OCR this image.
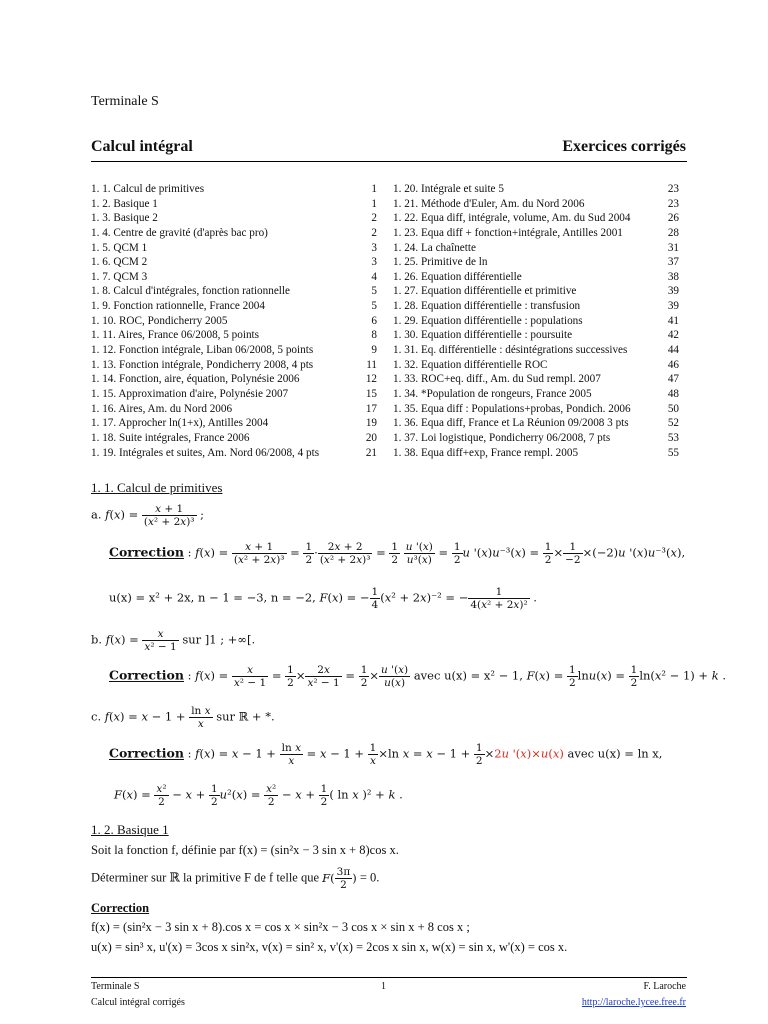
Terminale S
Calcul intégral	Exercices corrigés
1. 1. Calcul de primitives	1
1. 2. Basique 1	1
1. 3. Basique 2	2
1. 4. Centre de gravité (d'après bac pro)	2
1. 5. QCM 1	3
1. 6. QCM 2	3
1. 7. QCM 3	4
1. 8. Calcul d'intégrales, fonction rationnelle	5
1. 9. Fonction rationnelle, France 2004	5
1. 10. ROC, Pondicherry 2005	6
1. 11. Aires, France 06/2008, 5 points	8
1. 12. Fonction intégrale, Liban 06/2008, 5 points	9
1. 13. Fonction intégrale, Pondicherry 2008, 4 pts	11
1. 14. Fonction, aire, équation, Polynésie 2006	12
1. 15. Approximation d'aire, Polynésie 2007	15
1. 16. Aires, Am. du Nord 2006	17
1. 17. Approcher ln(1+x), Antilles 2004	19
1. 18. Suite intégrales, France 2006	20
1. 19. Intégrales et suites, Am. Nord 06/2008, 4 pts	21
1. 20. Intégrale et suite 5	23
1. 21. Méthode d'Euler, Am. du Nord 2006	23
1. 22. Equa diff, intégrale, volume, Am. du Sud 2004	26
1. 23. Equa diff + fonction+intégrale, Antilles 2001	28
1. 24. La chaînette	31
1. 25. Primitive de ln	37
1. 26. Equation différentielle	38
1. 27. Equation différentielle et primitive	39
1. 28. Equation différentielle : transfusion	39
1. 29. Equation différentielle : populations	41
1. 30. Equation différentielle : poursuite	42
1. 31. Eq. différentielle : désintégrations successives	44
1. 32. Equation différentielle ROC	46
1. 33. ROC+eq. diff., Am. du Sud rempl. 2007	47
1. 34. *Population de rongeurs, France 2005	48
1. 35. Equa diff : Populations+probas, Pondich. 2006	50
1. 36. Equa diff, France et La Réunion 09/2008 3 pts	52
1. 37. Loi logistique, Pondicherry 06/2008, 7 pts	53
1. 38. Equa diff+exp, France rempl. 2005	55
1. 1. Calcul de primitives
a. $f(x) = \frac{x + 1}{\text{(x² + 2x)³}}$ ;
Correction : $f(x) = \frac{x + 1}{\text{(x² + 2x)³}} = \frac{1}{2} \cdot \frac{2x + 2}{\text{(x² + 2x)³}} = \frac{1}{2}$
$\frac{u '(x)}{\text{u³(x)}} = \frac{1}{2}$ u '$(x)u^{-3}(x) = \frac{1}{2} \times \frac{1}{-2} \times(-2)u$ '(x)u⁻³(x),
u(x) = x² + 2x, n − 1 = −3, n = −2, F(x) = − $\frac{1}{4} (x^2 + 2x)^{-2}$ = − $\frac{1}{\text{4(x² + 2x)²}}$ .
b. $f(x) = \frac{x}{\text{x² − 1}}$ sur ]1 ; +∞[.
Correction : $f(x) = \frac{x}{\text{x² − 1}} = \frac{1}{2} \times \frac{2x}{\text{x² − 1}} = \frac{1}{2} \times \frac{u '(x)}{u(x)}$ avec u(x) = x² − 1, $F(x) = \frac{1}{2} \ln u(x) = \frac{1}{2} \ln(x^2 - 1) + k$ .
c. $f(x) = x - 1 + \frac{\text{ln x}}{x}$ sur ℝ + *.
Correction : $f(x) = x - 1 + \frac{\text{ln x}}{x} = x - 1 + \frac{1}{x} \times\ln$ $x = x - 1 + \frac{1}{2} \times 2u$ '(x)×u(x) avec u(x) = ln x,
$F(x) = \frac{\text{x²}}{2} - x + \frac{1}{2} u^2(x) = \frac{\text{x²}}{2} - x + \frac{1}{2}$ ( ln x )² + k .
1. 2. Basique 1
Soit la fonction f, définie par f(x) = (sin²x − 3 sin x + 8)cos x.
Déterminer sur ℝ la primitive F de f telle que $F( \frac{3\pi}{2}$ ) = 0.
Correction
f(x) = (sin²x − 3 sin x + 8).cos x = cos x × sin²x − 3 cos x × sin x + 8 cos x ;
u(x) = sin³ x, u'(x) = 3cos x sin²x, v(x) = sin² x, v'(x) = 2cos x sin x, w(x) = sin x, w'(x) = cos x.
Terminale S
Calcul intégral corrigés
1	F. Laroche
http://laroche.lycee.free.fr
